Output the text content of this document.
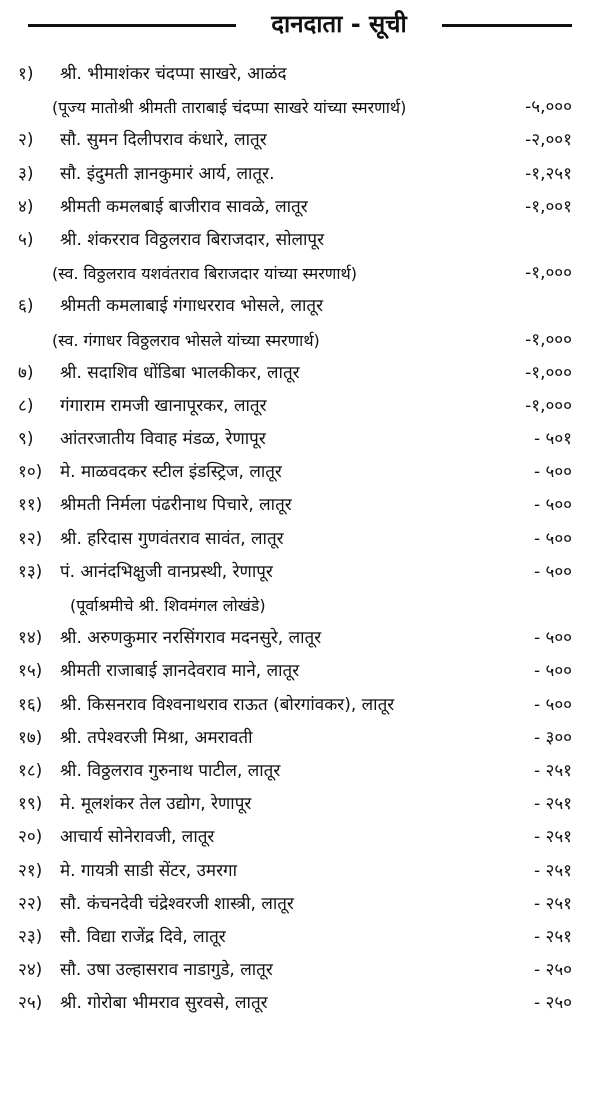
दानदाता - सूची
१) श्री. भीमाशंकर चंदप्पा साखरे, आळंद
(पूज्य मातोश्री श्रीमती ताराबाई चंदप्पा साखरे यांच्या स्मरणार्थ)	-५,०००
२) सौ. सुमन दिलीपराव कंधारे, लातूर	-२,००१
३) सौ. इंदुमती ज्ञानकुमारं आर्य, लातूर.	-१,२५१
४) श्रीमती कमलबाई बाजीराव सावळे, लातूर	-१,००१
५) श्री. शंकरराव विठ्ठलराव बिराजदार, सोलापूर
(स्व. विठ्ठलराव यशवंतराव बिराजदार यांच्या स्मरणार्थ)	-१,०००
६) श्रीमती कमलाबाई गंगाधरराव भोसले, लातूर
(स्व. गंगाधर विठ्ठलराव भोसले यांच्या स्मरणार्थ)	-१,०००
७) श्री. सदाशिव धोंडिबा भालकीकर, लातूर	-१,०००
८) गंगाराम रामजी खानापूरकर, लातूर	-१,०००
९) आंतरजातीय विवाह मंडळ, रेणापूर	- ५०१
१०) मे. माळवदकर स्टील इंडस्ट्रिज, लातूर	- ५००
११) श्रीमती निर्मला पंढरीनाथ पिचारे, लातूर	- ५००
१२) श्री. हरिदास गुणवंतराव सावंत, लातूर	- ५००
१३) पं. आनंदभिक्षुजी वानप्रस्थी, रेणापूर	- ५००
(पूर्वाश्रमीचे श्री. शिवमंगल लोखंडे)
१४) श्री. अरुणकुमार नरसिंगराव मदनसुरे, लातूर	- ५००
१५) श्रीमती राजाबाई ज्ञानदेवराव माने, लातूर	- ५००
१६) श्री. किसनराव विश्वनाथराव राऊत (बोरगांवकर), लातूर	- ५००
१७) श्री. तपेश्वरजी मिश्रा, अमरावती	- ३००
१८) श्री. विठ्ठलराव गुरुनाथ पाटील, लातूर	- २५१
१९) मे. मूलशंकर तेल उद्योग, रेणापूर	- २५१
२०) आचार्य सोनेरावजी, लातूर	- २५१
२१) मे. गायत्री साडी सेंटर, उमरगा	- २५१
२२) सौ. कंचनदेवी चंद्रेश्वरजी शास्त्री, लातूर	- २५१
२३) सौ. विद्या राजेंद्र दिवे, लातूर	- २५१
२४) सौ. उषा उल्हासराव नाडागुडे, लातूर	- २५०
२५) श्री. गोरोबा भीमराव सुरवसे, लातूर	- २५०
